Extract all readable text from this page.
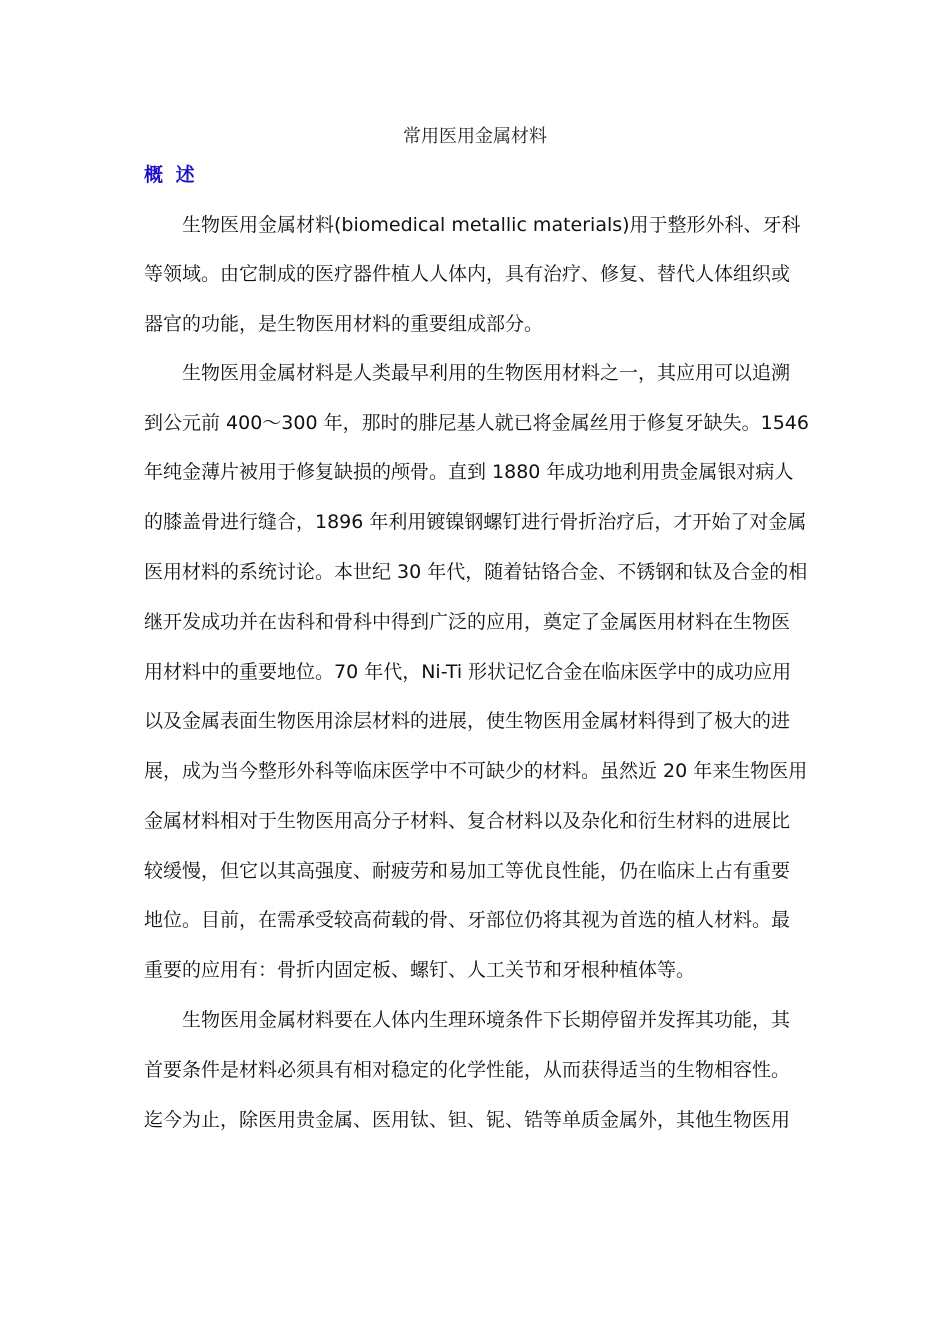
常用医用金属材料
概 述
生物医用金属材料(biomedical metallic materials)用于整形外科、牙科
等领域。由它制成的医疗器件植人人体内，具有治疗、修复、替代人体组织或
器官的功能，是生物医用材料的重要组成部分。
生物医用金属材料是人类最早利用的生物医用材料之一，其应用可以追溯
到公元前 400～300 年，那时的腓尼基人就已将金属丝用于修复牙缺失。1546
年纯金薄片被用于修复缺损的颅骨。直到 1880 年成功地利用贵金属银对病人
的膝盖骨进行缝合，1896 年利用镀镍钢螺钉进行骨折治疗后，才开始了对金属
医用材料的系统讨论。本世纪 30 年代，随着钴铬合金、不锈钢和钛及合金的相
继开发成功并在齿科和骨科中得到广泛的应用，奠定了金属医用材料在生物医
用材料中的重要地位。70 年代，Ni-Ti 形状记忆合金在临床医学中的成功应用
以及金属表面生物医用涂层材料的进展，使生物医用金属材料得到了极大的进
展，成为当今整形外科等临床医学中不可缺少的材料。虽然近 20 年来生物医用
金属材料相对于生物医用高分子材料、复合材料以及杂化和衍生材料的进展比
较缓慢，但它以其高强度、耐疲劳和易加工等优良性能，仍在临床上占有重要
地位。目前，在需承受较高荷载的骨、牙部位仍将其视为首选的植人材料。最
重要的应用有：骨折内固定板、螺钉、人工关节和牙根种植体等。
生物医用金属材料要在人体内生理环境条件下长期停留并发挥其功能，其
首要条件是材料必须具有相对稳定的化学性能，从而获得适当的生物相容性。
迄今为止，除医用贵金属、医用钛、钽、铌、锆等单质金属外，其他生物医用
